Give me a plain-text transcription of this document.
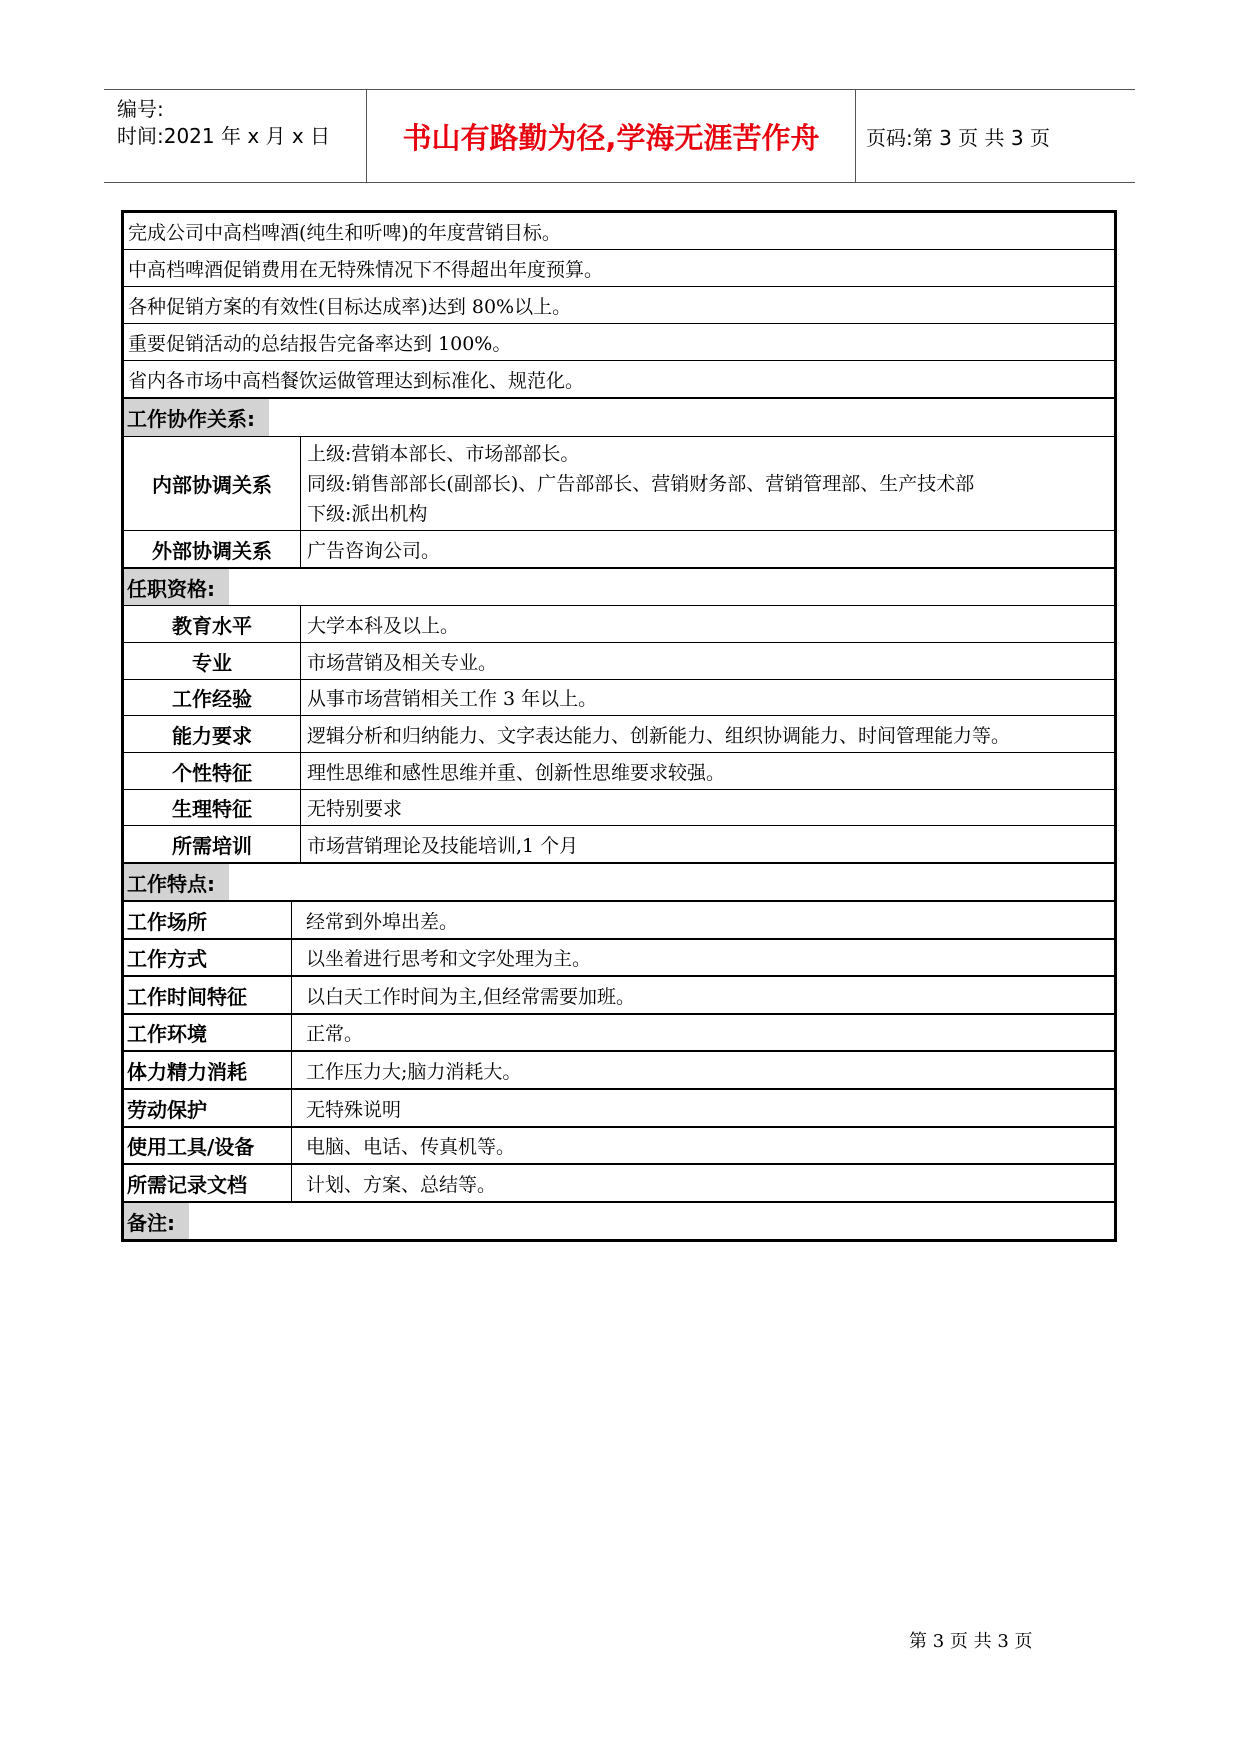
编号:
时间:2021 年 x 月 x 日	书山有路勤为径,学海无涯苦作舟	页码:第 3 页 共 3 页
完成公司中高档啤酒(纯生和听啤)的年度营销目标。
中高档啤酒促销费用在无特殊情况下不得超出年度预算。
各种促销方案的有效性(目标达成率)达到 80%以上。
重要促销活动的总结报告完备率达到 100%。
省内各市场中高档餐饮运做管理达到标准化、规范化。
工作协作关系:
内部协调关系
上级:营销本部长、市场部部长。
同级:销售部部长(副部长)、广告部部长、营销财务部、营销管理部、生产技术部
下级:派出机构
外部协调关系	广告咨询公司。
任职资格:
教育水平	大学本科及以上。
专业	市场营销及相关专业。
工作经验	从事市场营销相关工作 3 年以上。
能力要求	逻辑分析和归纳能力、文字表达能力、创新能力、组织协调能力、时间管理能力等。
个性特征	理性思维和感性思维并重、创新性思维要求较强。
生理特征	无特别要求
所需培训	市场营销理论及技能培训,1 个月
工作特点:
工作场所	经常到外埠出差。
工作方式	以坐着进行思考和文字处理为主。
工作时间特征	以白天工作时间为主,但经常需要加班。
工作环境	正常。
体力精力消耗	工作压力大;脑力消耗大。
劳动保护	无特殊说明
使用工具/设备	电脑、电话、传真机等。
所需记录文档	计划、方案、总结等。
备注:
第 3 页 共 3 页
